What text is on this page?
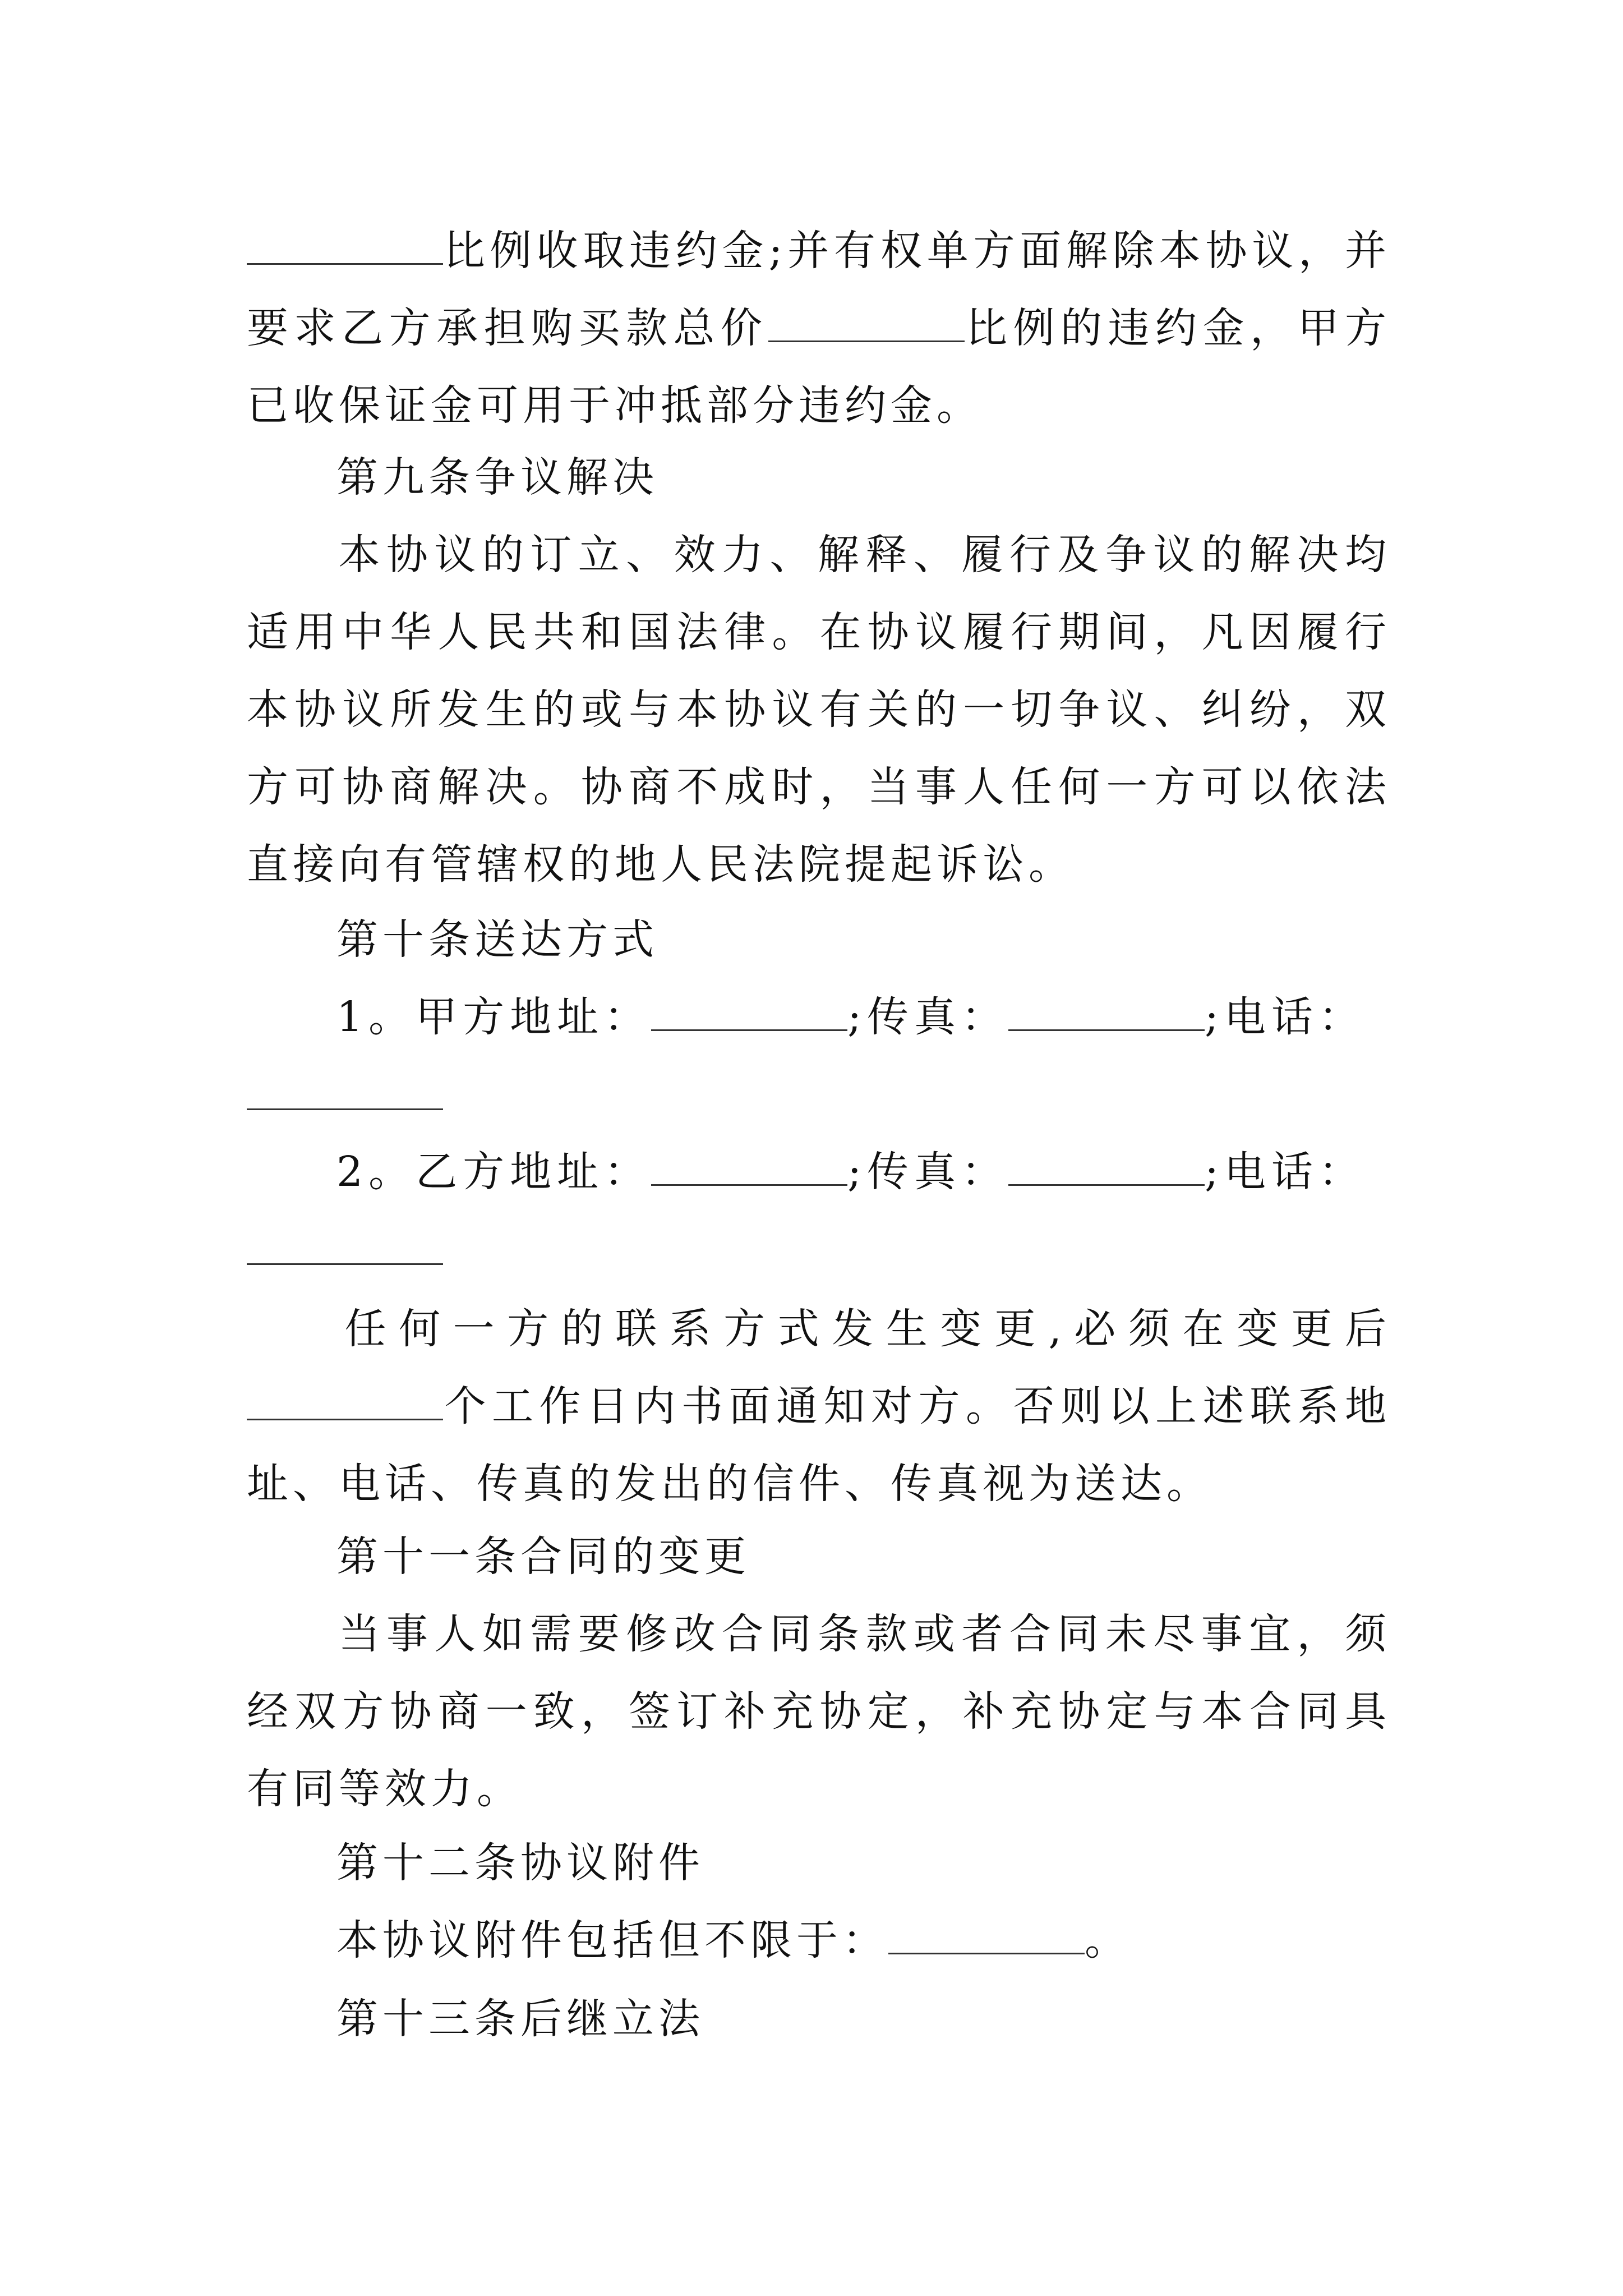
比例收取违约金;并有权单方面解除本协议，并要求乙方承担购买款总价	比例的违约金，甲方已收保证金可用于冲抵部分违约金。

第九条争议解决

本协议的订立、效力、解释、履行及争议的解决均适用中华人民共和国法律。在协议履行期间，凡因履行本协议所发生的或与本协议有关的一切争议、纠纷，双方可协商解决。协商不成时，当事人任何一方可以依法直接向有管辖权的地人民法院提起诉讼。

第十条送达方式

1。甲方地址：	;传真：	;电话：

2。乙方地址：	;传真：	;电话：

任何一方的联系方式发生变更,必须在变更后个工作日内书面通知对方。否则以上述联系地址、电话、传真的发出的信件、传真视为送达。

第十一条合同的变更

当事人如需要修改合同条款或者合同未尽事宜，须经双方协商一致，签订补充协定，补充协定与本合同具有同等效力。

第十二条协议附件

本协议附件包括但不限于：	。

第十三条后继立法
